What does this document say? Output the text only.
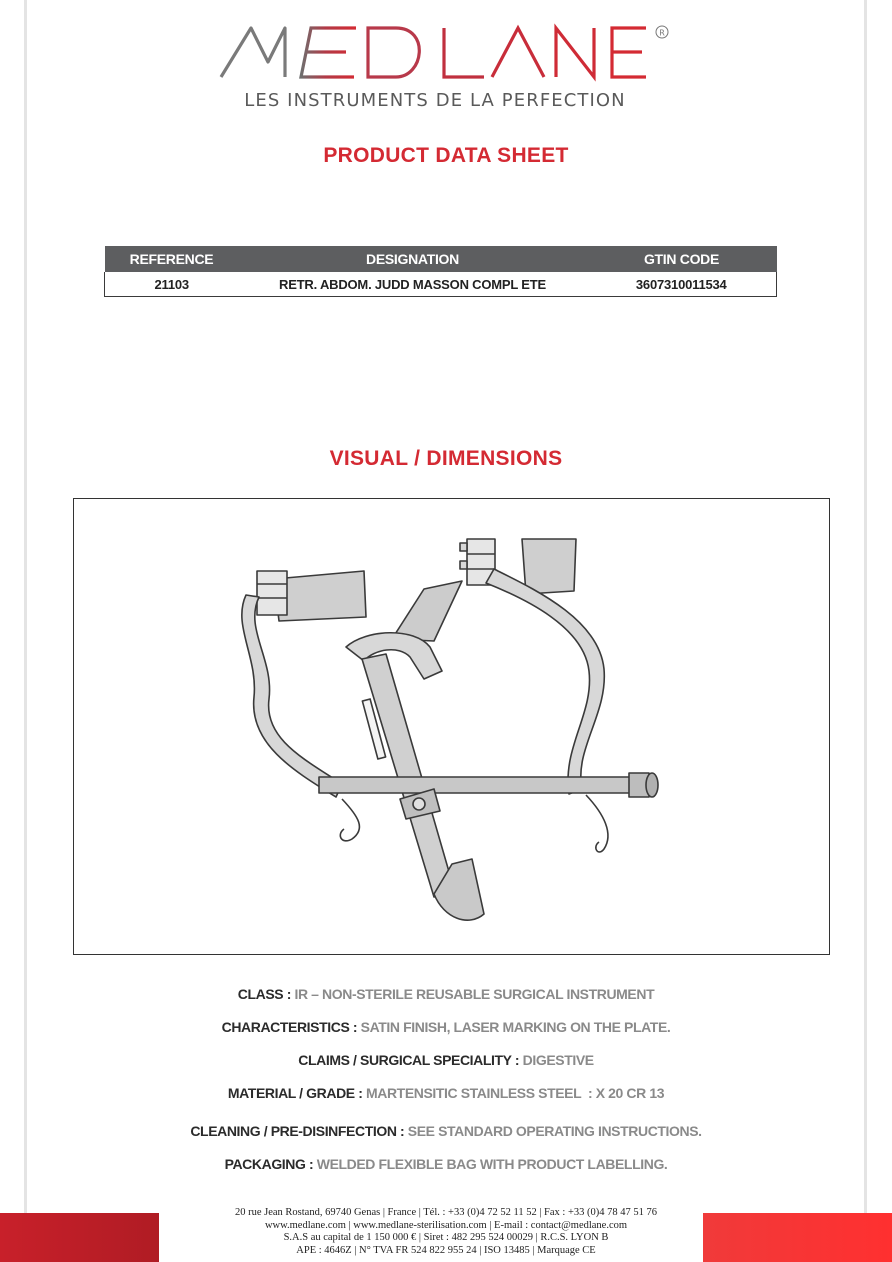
R
LES INSTRUMENTS DE LA PERFECTION
PRODUCT DATA SHEET
REFERENCE	DESIGNATION	GTIN CODE
21103	RETR. ABDOM. JUDD MASSON COMPL ETE	3607310011534
VISUAL / DIMENSIONS
CLASS : IR – NON-STERILE REUSABLE SURGICAL INSTRUMENT
CHARACTERISTICS : SATIN FINISH, LASER MARKING ON THE PLATE.
CLAIMS / SURGICAL SPECIALITY : DIGESTIVE
MATERIAL / GRADE : MARTENSITIC STAINLESS STEEL  : X 20 CR 13
CLEANING / PRE-DISINFECTION : SEE STANDARD OPERATING INSTRUCTIONS.
PACKAGING : WELDED FLEXIBLE BAG WITH PRODUCT LABELLING.
20 rue Jean Rostand, 69740 Genas | France | Tél. : +33 (0)4 72 52 11 52 | Fax : +33 (0)4 78 47 51 76
www.medlane.com | www.medlane-sterilisation.com | E-mail : contact@medlane.com
S.A.S au capital de 1 150 000 € | Siret : 482 295 524 00029 | R.C.S. LYON B
APE : 4646Z | N° TVA FR 524 822 955 24 | ISO 13485 | Marquage CE
